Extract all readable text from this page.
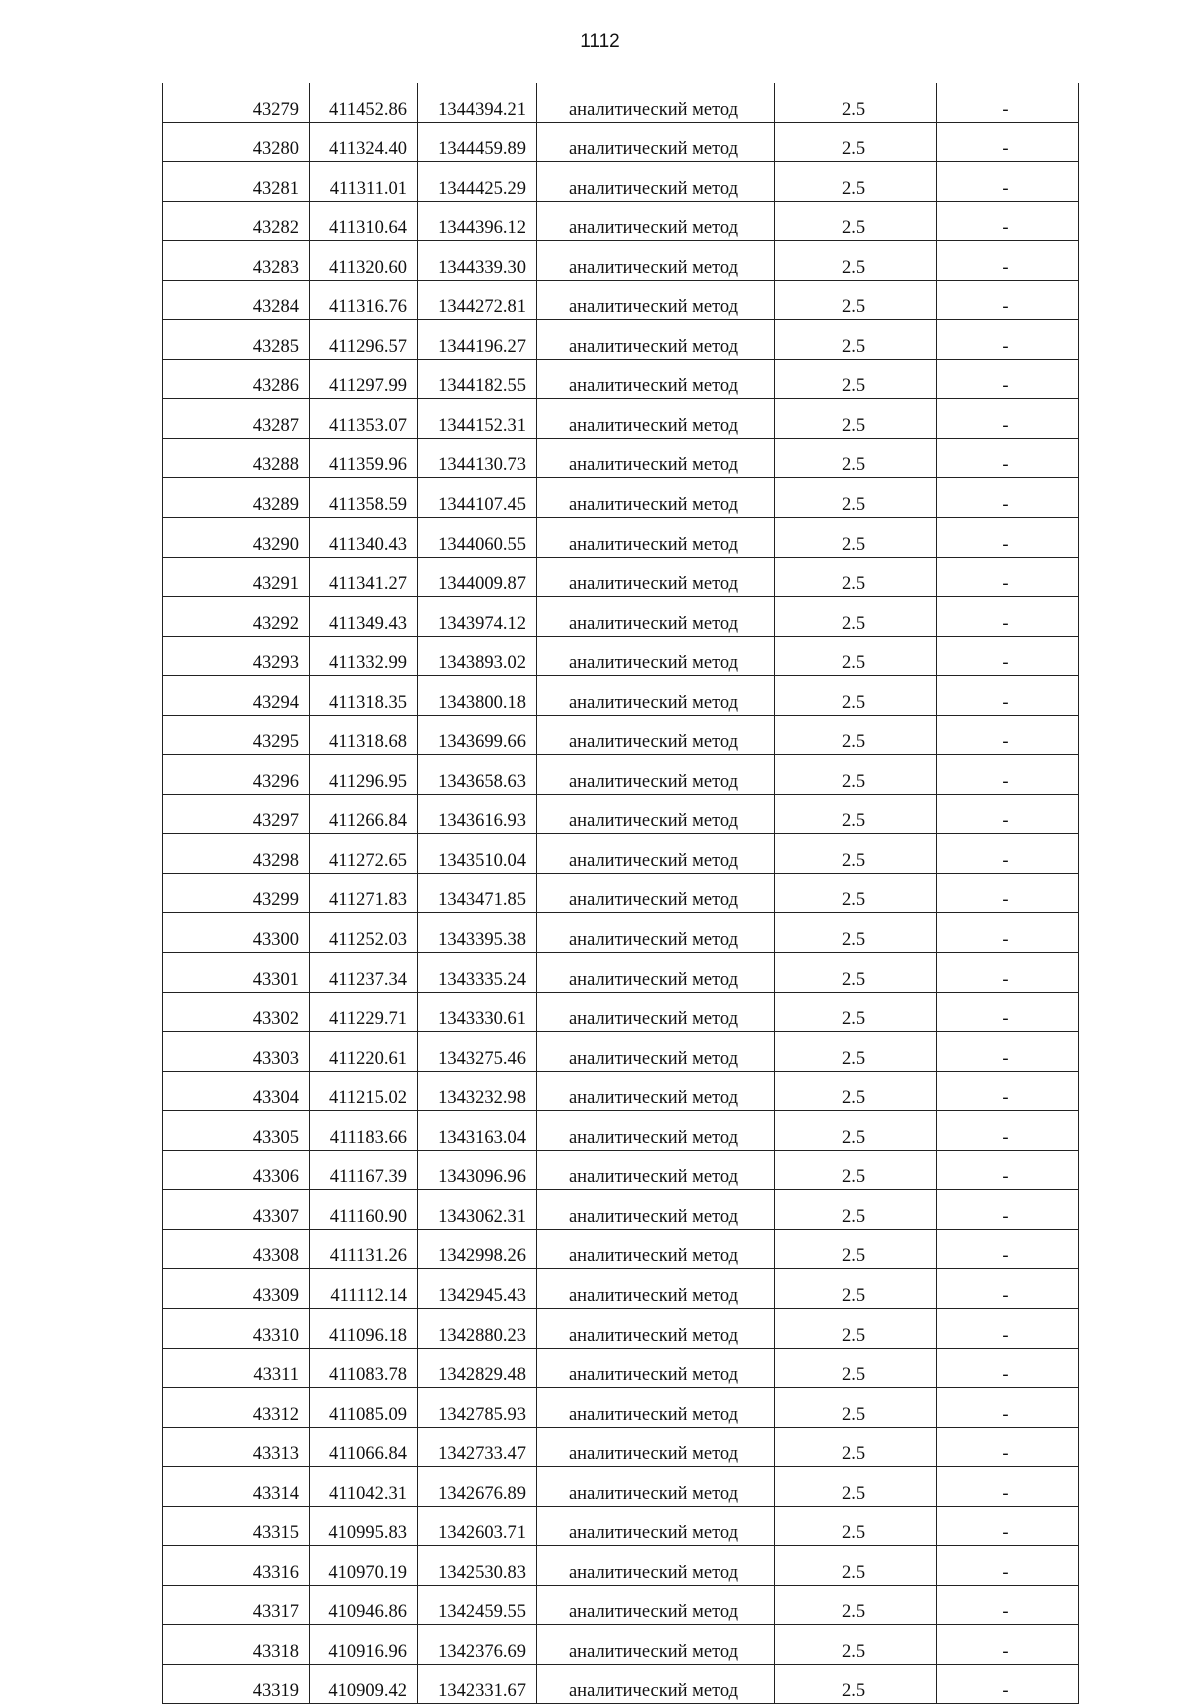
1112
43279	411452.86	1344394.21	аналитический метод	2.5	-
43280	411324.40	1344459.89	аналитический метод	2.5	-
43281	411311.01	1344425.29	аналитический метод	2.5	-
43282	411310.64	1344396.12	аналитический метод	2.5	-
43283	411320.60	1344339.30	аналитический метод	2.5	-
43284	411316.76	1344272.81	аналитический метод	2.5	-
43285	411296.57	1344196.27	аналитический метод	2.5	-
43286	411297.99	1344182.55	аналитический метод	2.5	-
43287	411353.07	1344152.31	аналитический метод	2.5	-
43288	411359.96	1344130.73	аналитический метод	2.5	-
43289	411358.59	1344107.45	аналитический метод	2.5	-
43290	411340.43	1344060.55	аналитический метод	2.5	-
43291	411341.27	1344009.87	аналитический метод	2.5	-
43292	411349.43	1343974.12	аналитический метод	2.5	-
43293	411332.99	1343893.02	аналитический метод	2.5	-
43294	411318.35	1343800.18	аналитический метод	2.5	-
43295	411318.68	1343699.66	аналитический метод	2.5	-
43296	411296.95	1343658.63	аналитический метод	2.5	-
43297	411266.84	1343616.93	аналитический метод	2.5	-
43298	411272.65	1343510.04	аналитический метод	2.5	-
43299	411271.83	1343471.85	аналитический метод	2.5	-
43300	411252.03	1343395.38	аналитический метод	2.5	-
43301	411237.34	1343335.24	аналитический метод	2.5	-
43302	411229.71	1343330.61	аналитический метод	2.5	-
43303	411220.61	1343275.46	аналитический метод	2.5	-
43304	411215.02	1343232.98	аналитический метод	2.5	-
43305	411183.66	1343163.04	аналитический метод	2.5	-
43306	411167.39	1343096.96	аналитический метод	2.5	-
43307	411160.90	1343062.31	аналитический метод	2.5	-
43308	411131.26	1342998.26	аналитический метод	2.5	-
43309	411112.14	1342945.43	аналитический метод	2.5	-
43310	411096.18	1342880.23	аналитический метод	2.5	-
43311	411083.78	1342829.48	аналитический метод	2.5	-
43312	411085.09	1342785.93	аналитический метод	2.5	-
43313	411066.84	1342733.47	аналитический метод	2.5	-
43314	411042.31	1342676.89	аналитический метод	2.5	-
43315	410995.83	1342603.71	аналитический метод	2.5	-
43316	410970.19	1342530.83	аналитический метод	2.5	-
43317	410946.86	1342459.55	аналитический метод	2.5	-
43318	410916.96	1342376.69	аналитический метод	2.5	-
43319	410909.42	1342331.67	аналитический метод	2.5	-
